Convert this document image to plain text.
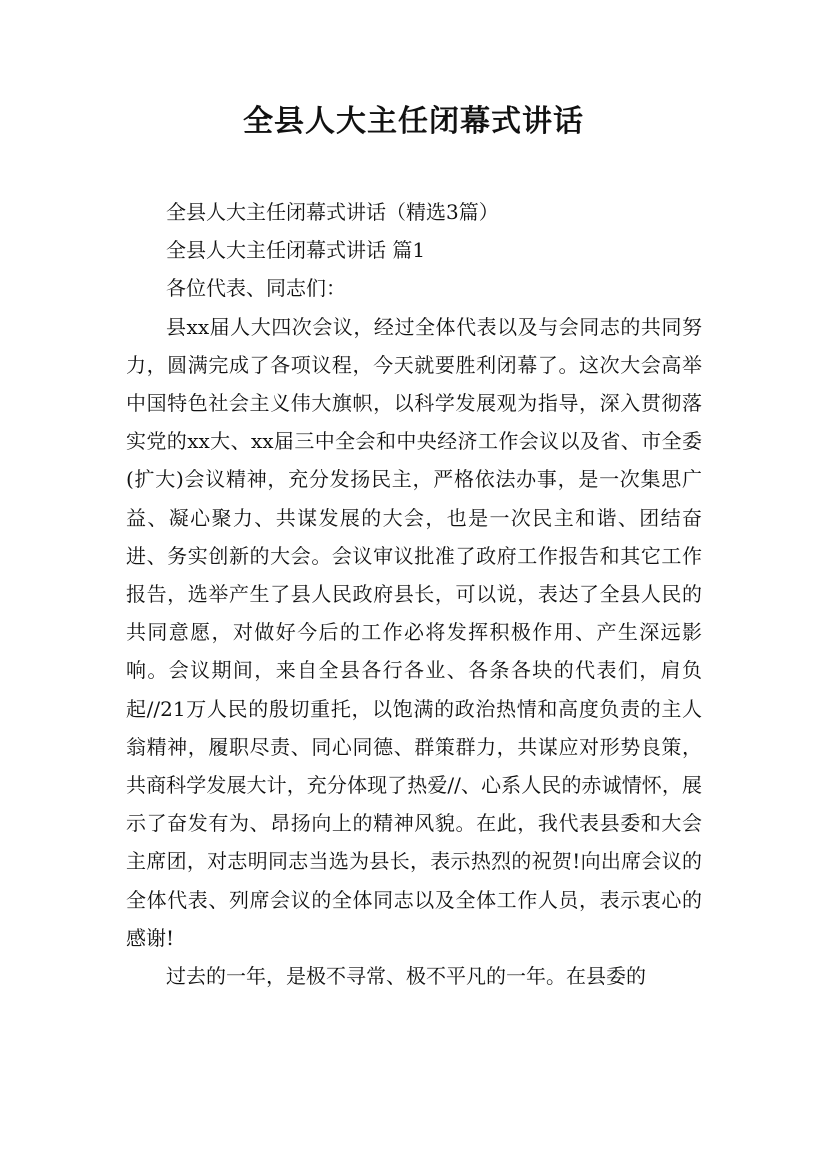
全县人大主任闭幕式讲话

全县人大主任闭幕式讲话（精选3篇）

全县人大主任闭幕式讲话 篇1

各位代表、同志们：

县xx届人大四次会议，经过全体代表以及与会同志的共同努力，圆满完成了各项议程，今天就要胜利闭幕了。这次大会高举中国特色社会主义伟大旗帜，以科学发展观为指导，深入贯彻落实党的xx大、xx届三中全会和中央经济工作会议以及省、市全委(扩大)会议精神，充分发扬民主，严格依法办事，是一次集思广益、凝心聚力、共谋发展的大会，也是一次民主和谐、团结奋进、务实创新的大会。会议审议批准了政府工作报告和其它工作报告，选举产生了县人民政府县长，可以说，表达了全县人民的共同意愿，对做好今后的工作必将发挥积极作用、产生深远影响。会议期间，来自全县各行各业、各条各块的代表们，肩负起//21万人民的殷切重托，以饱满的政治热情和高度负责的主人翁精神，履职尽责、同心同德、群策群力，共谋应对形势良策，共商科学发展大计，充分体现了热爱//、心系人民的赤诚情怀，展示了奋发有为、昂扬向上的精神风貌。在此，我代表县委和大会主席团，对志明同志当选为县长，表示热烈的祝贺!向出席会议的全体代表、列席会议的全体同志以及全体工作人员，表示衷心的感谢!

过去的一年，是极不寻常、极不平凡的一年。在县委的
